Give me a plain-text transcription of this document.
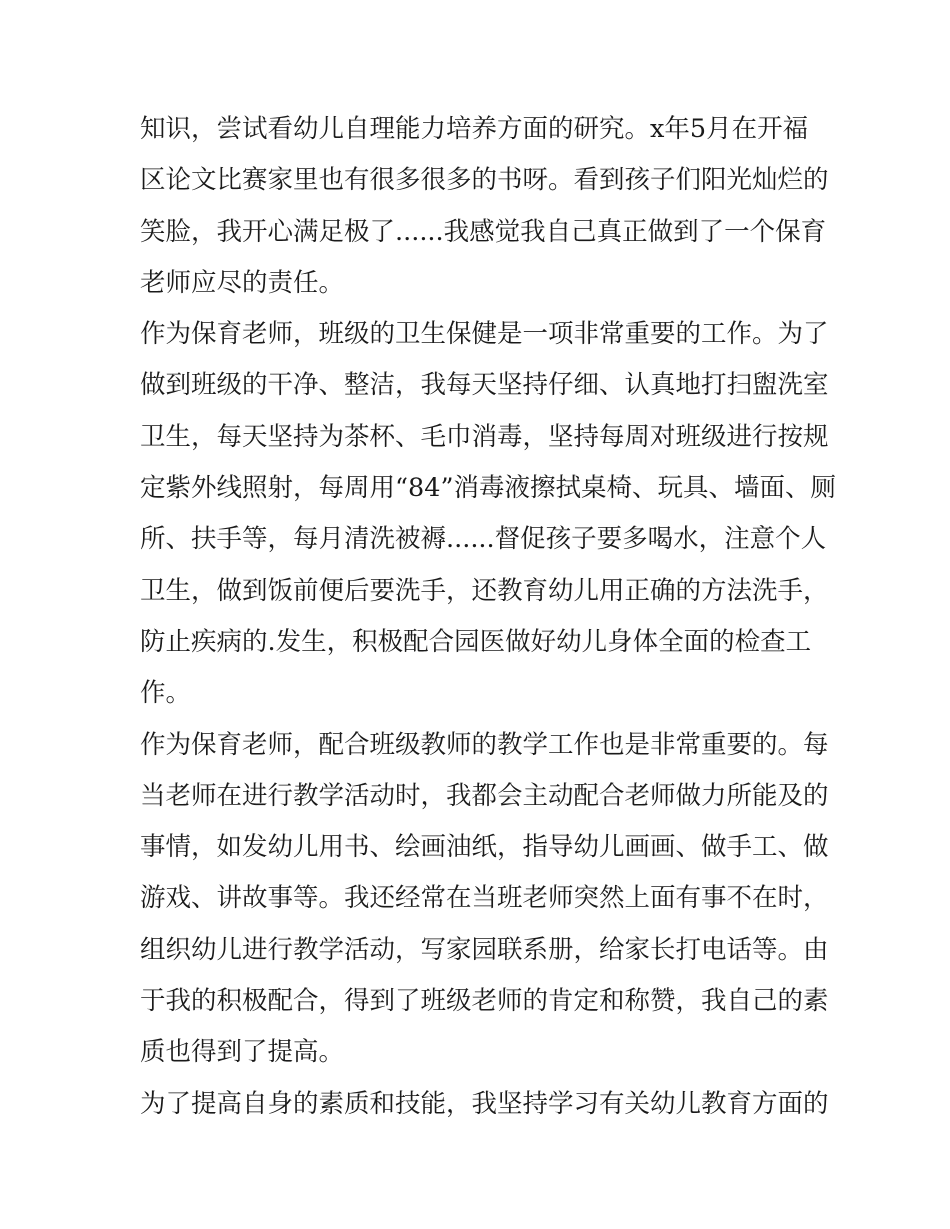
知识，尝试看幼儿自理能力培养方面的研究。x年5月在开福
区论文比赛家里也有很多很多的书呀。看到孩子们阳光灿烂的
笑脸，我开心满足极了......我感觉我自己真正做到了一个保育
老师应尽的责任。
作为保育老师，班级的卫生保健是一项非常重要的工作。为了
做到班级的干净、整洁，我每天坚持仔细、认真地打扫盥洗室
卫生，每天坚持为茶杯、毛巾消毒，坚持每周对班级进行按规
定紫外线照射，每周用“84”消毒液擦拭桌椅、玩具、墙面、厕
所、扶手等，每月清洗被褥......督促孩子要多喝水，注意个人
卫生，做到饭前便后要洗手，还教育幼儿用正确的方法洗手，
防止疾病的.发生，积极配合园医做好幼儿身体全面的检查工
作。
作为保育老师，配合班级教师的教学工作也是非常重要的。每
当老师在进行教学活动时，我都会主动配合老师做力所能及的
事情，如发幼儿用书、绘画油纸，指导幼儿画画、做手工、做
游戏、讲故事等。我还经常在当班老师突然上面有事不在时，
组织幼儿进行教学活动，写家园联系册，给家长打电话等。由
于我的积极配合，得到了班级老师的肯定和称赞，我自己的素
质也得到了提高。
为了提高自身的素质和技能，我坚持学习有关幼儿教育方面的
